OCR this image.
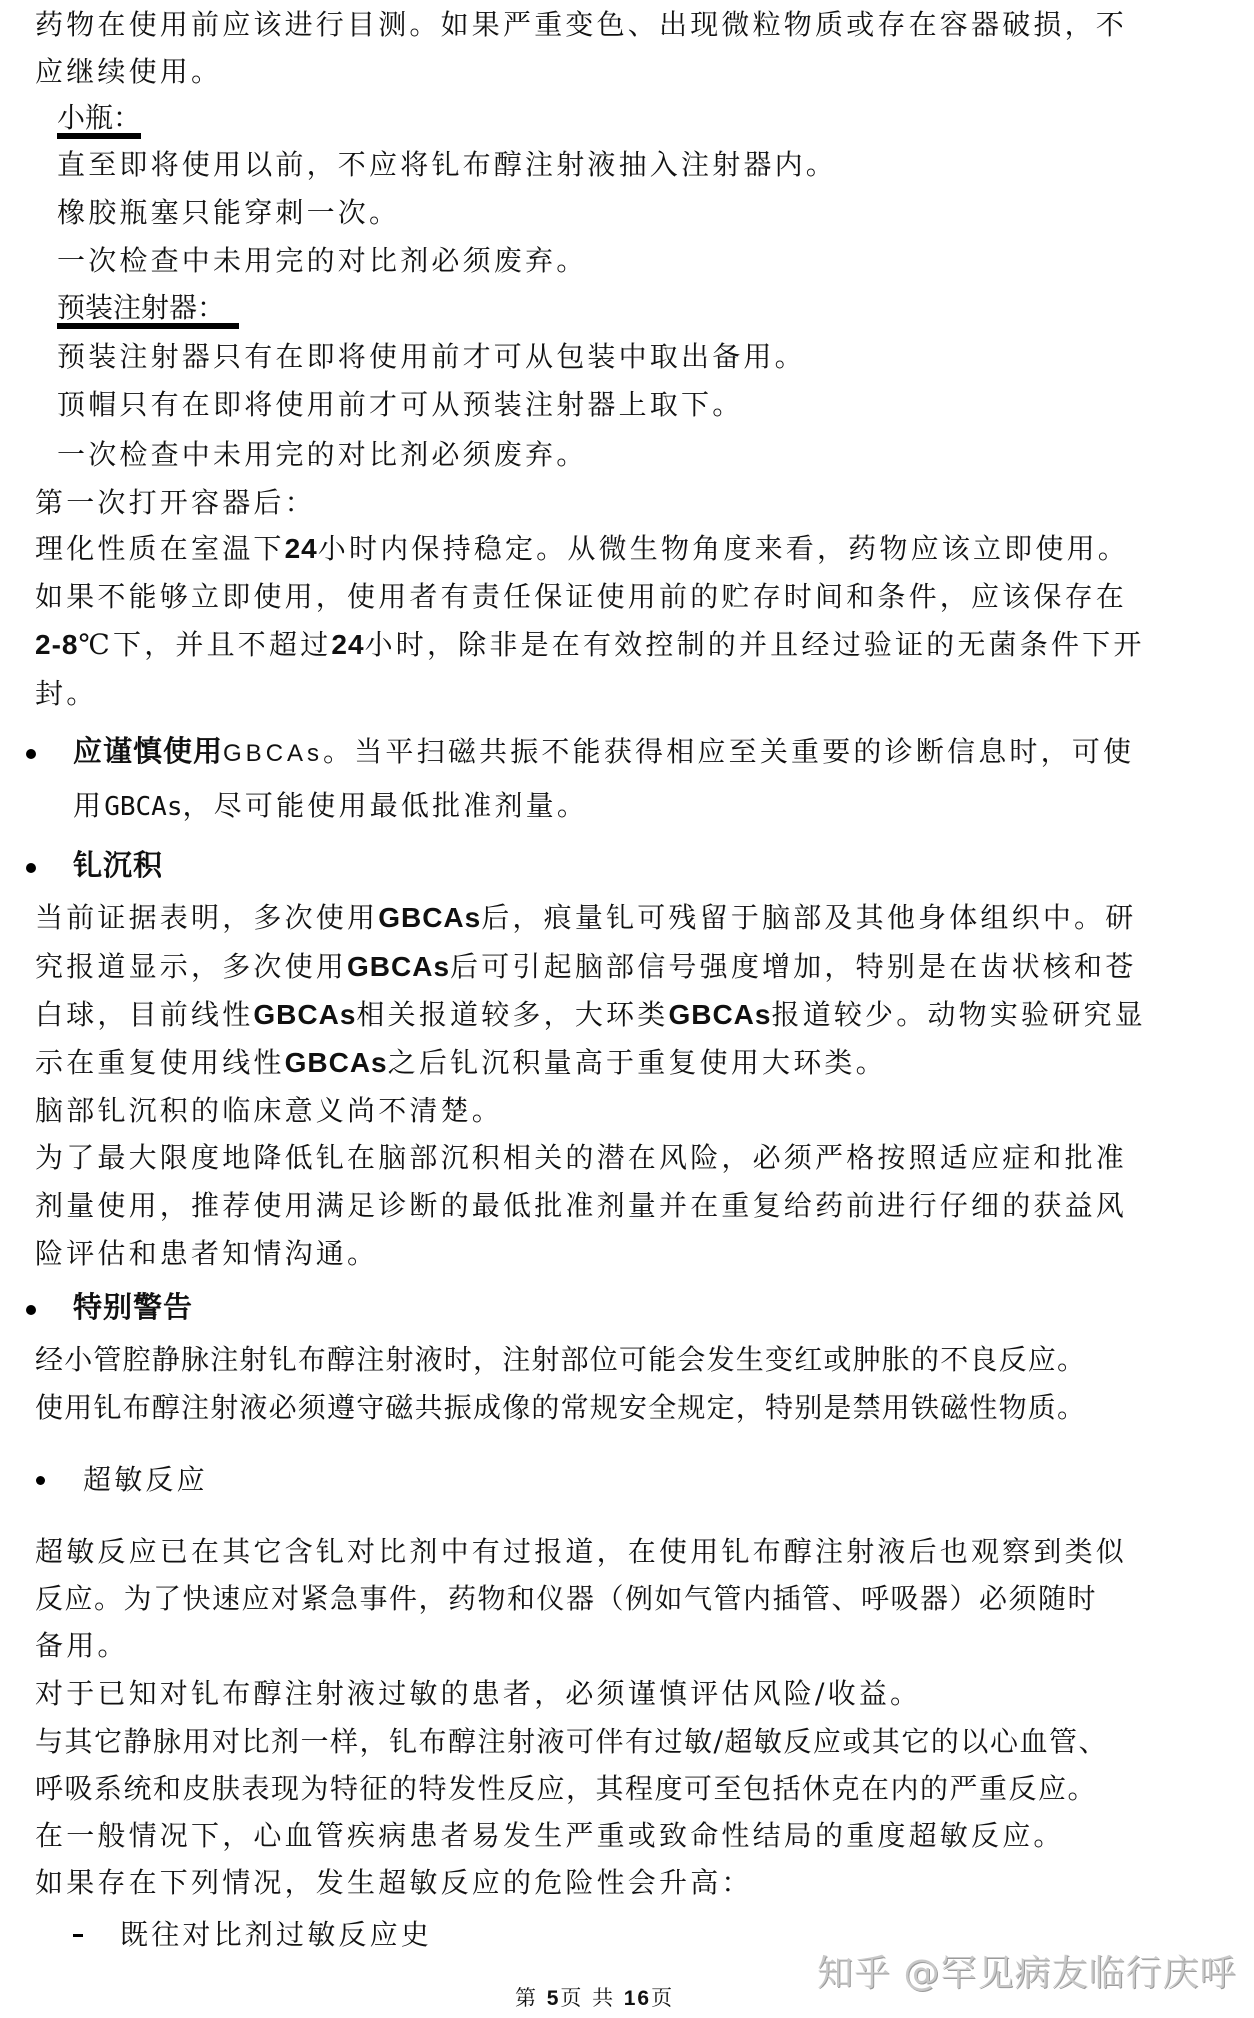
药物在使用前应该进行目测。如果严重变色、出现微粒物质或存在容器破损，不
应继续使用。
小瓶：
直至即将使用以前，不应将钆布醇注射液抽入注射器内。
橡胶瓶塞只能穿刺一次。
一次检查中未用完的对比剂必须废弃。
预装注射器：
预装注射器只有在即将使用前才可从包装中取出备用。
顶帽只有在即将使用前才可从预装注射器上取下。
一次检查中未用完的对比剂必须废弃。
第一次打开容器后：
理化性质在室温下24小时内保持稳定。从微生物角度来看，药物应该立即使用。
如果不能够立即使用，使用者有责任保证使用前的贮存时间和条件，应该保存在
2-8℃下，并且不超过24小时，除非是在有效控制的并且经过验证的无菌条件下开
封。
应谨慎使用GBCAs。当平扫磁共振不能获得相应至关重要的诊断信息时，可使
用GBCAs，尽可能使用最低批准剂量。
钆沉积
当前证据表明，多次使用GBCAs后，痕量钆可残留于脑部及其他身体组织中。研
究报道显示，多次使用GBCAs后可引起脑部信号强度增加，特别是在齿状核和苍
白球，目前线性GBCAs相关报道较多，大环类GBCAs报道较少。动物实验研究显
示在重复使用线性GBCAs之后钆沉积量高于重复使用大环类。
脑部钆沉积的临床意义尚不清楚。
为了最大限度地降低钆在脑部沉积相关的潜在风险，必须严格按照适应症和批准
剂量使用，推荐使用满足诊断的最低批准剂量并在重复给药前进行仔细的获益风
险评估和患者知情沟通。
特别警告
经小管腔静脉注射钆布醇注射液时，注射部位可能会发生变红或肿胀的不良反应。
使用钆布醇注射液必须遵守磁共振成像的常规安全规定，特别是禁用铁磁性物质。
超敏反应
超敏反应已在其它含钆对比剂中有过报道，在使用钆布醇注射液后也观察到类似
反应。为了快速应对紧急事件，药物和仪器（例如气管内插管、呼吸器）必须随时
备用。
对于已知对钆布醇注射液过敏的患者，必须谨慎评估风险/收益。
与其它静脉用对比剂一样，钆布醇注射液可伴有过敏/超敏反应或其它的以心血管、
呼吸系统和皮肤表现为特征的特发性反应，其程度可至包括休克在内的严重反应。
在一般情况下，心血管疾病患者易发生严重或致命性结局的重度超敏反应。
如果存在下列情况，发生超敏反应的危险性会升高：
既往对比剂过敏反应史
知乎 @罕见病友临行庆呼
第 5页 共 16页
